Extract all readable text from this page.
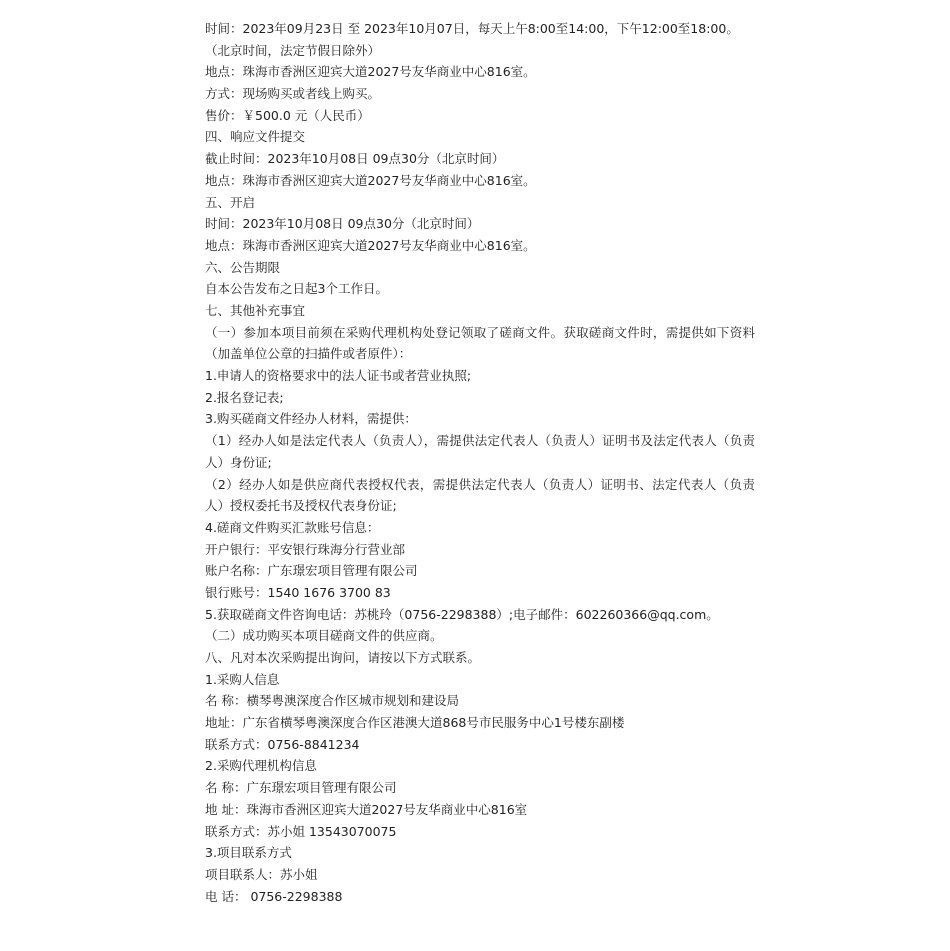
时间：2023年09月23日 至 2023年10月07日，每天上午8:00至14:00，下午12:00至18:00。
（北京时间，法定节假日除外）
地点：珠海市香洲区迎宾大道2027号友华商业中心816室。
方式：现场购买或者线上购买。
售价：￥500.0 元（人民币）
四、响应文件提交
截止时间：2023年10月08日 09点30分（北京时间）
地点：珠海市香洲区迎宾大道2027号友华商业中心816室。
五、开启
时间：2023年10月08日 09点30分（北京时间）
地点：珠海市香洲区迎宾大道2027号友华商业中心816室。
六、公告期限
自本公告发布之日起3个工作日。
七、其他补充事宜
（一）参加本项目前须在采购代理机构处登记领取了磋商文件。获取磋商文件时，需提供如下资料（加盖单位公章的扫描件或者原件）：
1.申请人的资格要求中的法人证书或者营业执照;
2.报名登记表;
3.购买磋商文件经办人材料，需提供：
（1）经办人如是法定代表人（负责人），需提供法定代表人（负责人）证明书及法定代表人（负责人）身份证;
（2）经办人如是供应商代表授权代表，需提供法定代表人（负责人）证明书、法定代表人（负责人）授权委托书及授权代表身份证;
4.磋商文件购买汇款账号信息：
开户银行：平安银行珠海分行营业部
账户名称：广东璟宏项目管理有限公司
银行账号：1540 1676 3700 83
5.获取磋商文件咨询电话：苏桃玲（0756-2298388）;电子邮件：602260366@qq.com。
（二）成功购买本项目磋商文件的供应商。
八、凡对本次采购提出询问，请按以下方式联系。
1.采购人信息
名 称：横琴粤澳深度合作区城市规划和建设局
地址：广东省横琴粤澳深度合作区港澳大道868号市民服务中心1号楼东副楼
联系方式：0756-8841234
2.采购代理机构信息
名 称：广东璟宏项目管理有限公司
地 址：珠海市香洲区迎宾大道2027号友华商业中心816室
联系方式：苏小姐 13543070075
3.项目联系方式
项目联系人：苏小姐
电 话： 0756-2298388
